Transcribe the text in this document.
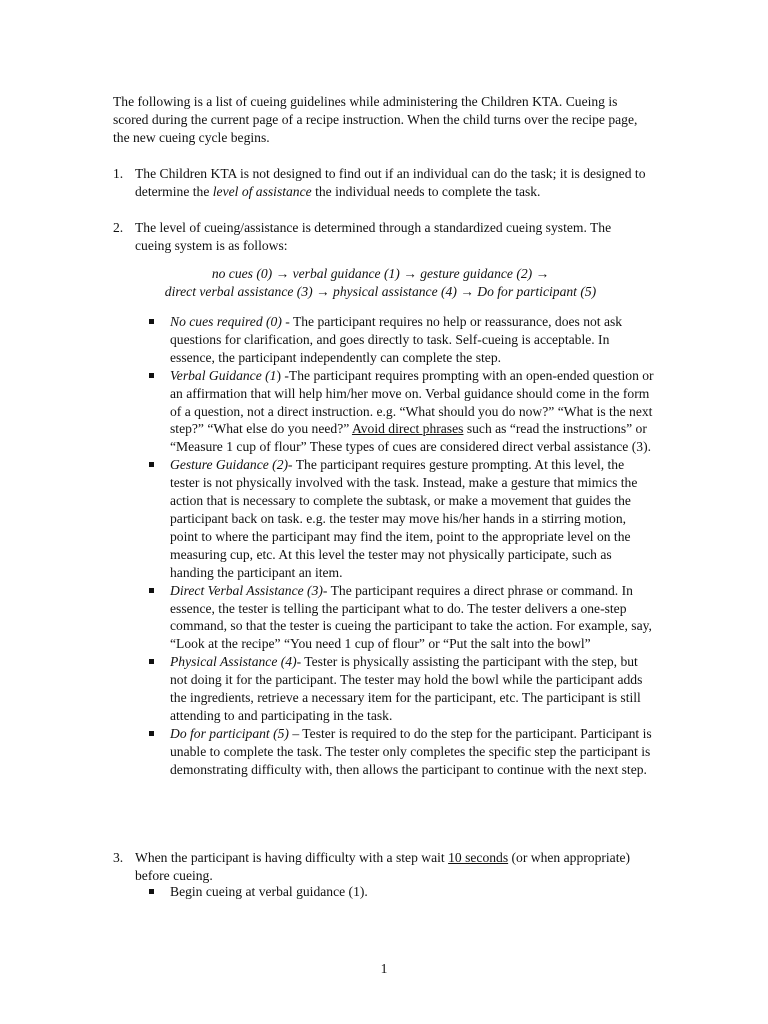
The following is a list of cueing guidelines while administering the Children KTA. Cueing is scored during the current page of a recipe instruction. When the child turns over the recipe page, the new cueing cycle begins.

1. The Children KTA is not designed to find out if an individual can do the task; it is designed to determine the level of assistance the individual needs to complete the task.
2. The level of cueing/assistance is determined through a standardized cueing system. The cueing system is as follows:
no cues (0) → verbal guidance (1) → gesture guidance (2) →
direct verbal assistance (3) → physical assistance (4) → Do for participant (5)
No cues required (0) - The participant requires no help or reassurance, does not ask questions for clarification, and goes directly to task. Self-cueing is acceptable. In essence, the participant independently can complete the step.
Verbal Guidance (1) -The participant requires prompting with an open-ended question or an affirmation that will help him/her move on. Verbal guidance should come in the form of a question, not a direct instruction. e.g. “What should you do now?” “What is the next step?” “What else do you need?” Avoid direct phrases such as “read the instructions” or “Measure 1 cup of flour” These types of cues are considered direct verbal assistance (3).
Gesture Guidance (2)- The participant requires gesture prompting. At this level, the tester is not physically involved with the task. Instead, make a gesture that mimics the action that is necessary to complete the subtask, or make a movement that guides the participant back on task. e.g. the tester may move his/her hands in a stirring motion, point to where the participant may find the item, point to the appropriate level on the measuring cup, etc. At this level the tester may not physically participate, such as handing the participant an item.
Direct Verbal Assistance (3)- The participant requires a direct phrase or command. In essence, the tester is telling the participant what to do. The tester delivers a one-step command, so that the tester is cueing the participant to take the action. For example, say, “Look at the recipe” “You need 1 cup of flour” or “Put the salt into the bowl”
Physical Assistance (4)- Tester is physically assisting the participant with the step, but not doing it for the participant. The tester may hold the bowl while the participant adds the ingredients, retrieve a necessary item for the participant, etc. The participant is still attending to and participating in the task.
Do for participant (5) – Tester is required to do the step for the participant. Participant is unable to complete the task. The tester only completes the specific step the participant is demonstrating difficulty with, then allows the participant to continue with the next step.
3. When the participant is having difficulty with a step wait 10 seconds (or when appropriate) before cueing.
Begin cueing at verbal guidance (1).
1
